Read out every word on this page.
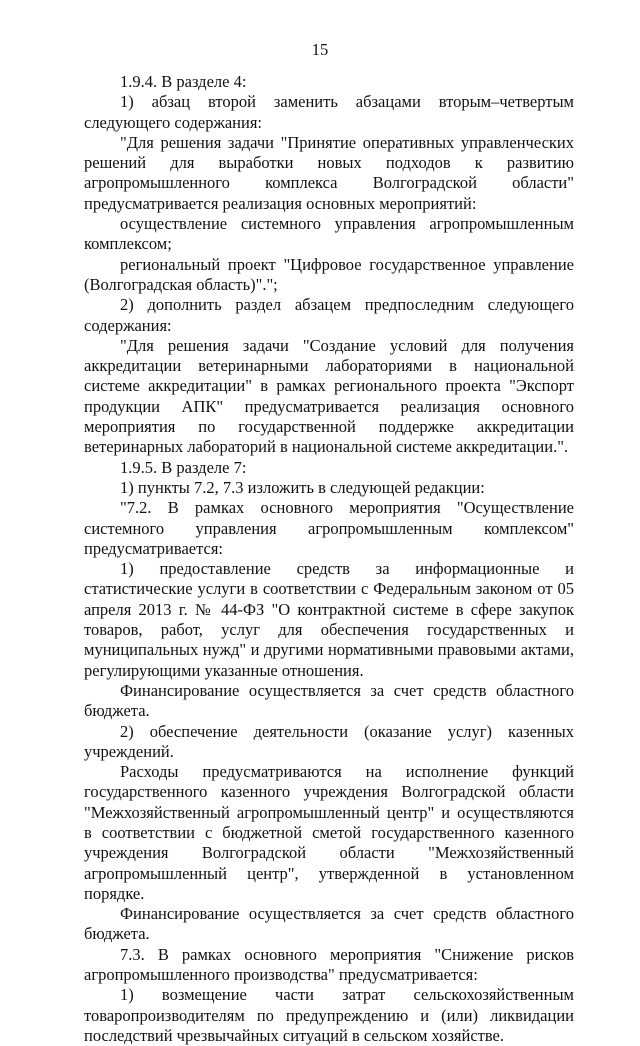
15

1.9.4. В разделе 4:

1) абзац второй заменить абзацами вторым–четвертым следующего содержания:

"Для решения задачи "Принятие оперативных управленческих решений для выработки новых подходов к развитию агропромышленного комплекса Волгоградской области" предусматривается реализация основных мероприятий:

осуществление системного управления агропромышленным комплексом;

региональный проект "Цифровое государственное управление (Волгоградская область)".";

2) дополнить раздел абзацем предпоследним следующего содержания:

"Для решения задачи "Создание условий для получения аккредитации ветеринарными лабораториями в национальной системе аккредитации" в рамках регионального проекта "Экспорт продукции АПК" предусматривается реализация основного мероприятия по государственной поддержке аккредитации ветеринарных лабораторий в национальной системе аккредитации.".

1.9.5. В разделе 7:

1) пункты 7.2, 7.3 изложить в следующей редакции:

"7.2. В рамках основного мероприятия "Осуществление системного управления агропромышленным комплексом" предусматривается:

1) предоставление средств за информационные и статистические услуги в соответствии с Федеральным законом от 05 апреля 2013 г. № 44-ФЗ "О контрактной системе в сфере закупок товаров, работ, услуг для обеспечения государственных и муниципальных нужд" и другими нормативными правовыми актами, регулирующими указанные отношения.

Финансирование осуществляется за счет средств областного бюджета.

2) обеспечение деятельности (оказание услуг) казенных учреждений.

Расходы предусматриваются на исполнение функций государственного казенного учреждения Волгоградской области "Межхозяйственный агропромышленный центр" и осуществляются в соответствии с бюджетной сметой государственного казенного учреждения Волгоградской области "Межхозяйственный агропромышленный центр", утвержденной в установленном порядке.

Финансирование осуществляется за счет средств областного бюджета.

7.3. В рамках основного мероприятия "Снижение рисков агропромышленного производства" предусматривается:

1) возмещение части затрат сельскохозяйственным товаропроизводителям по предупреждению и (или) ликвидации последствий чрезвычайных ситуаций в сельском хозяйстве.
